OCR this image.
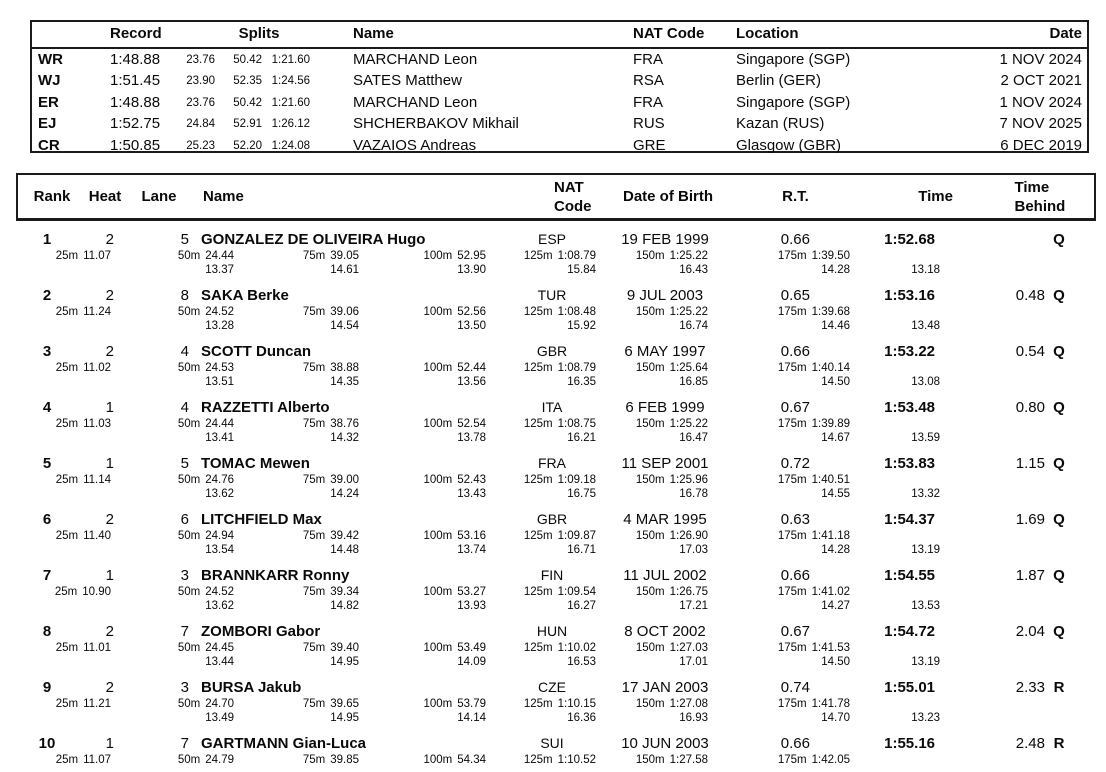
Record	Splits	Name	NAT Code Location	Date
WR	1:48.88	23.76	50.42 1:21.60	MARCHAND Leon	FRA	Singapore (SGP)	1 NOV 2024
WJ	1:51.45	23.90	52.35 1:24.56	SATES Matthew	RSA	Berlin (GER)	2 OCT 2021
ER	1:48.88	23.76	50.42 1:21.60	MARCHAND Leon	FRA	Singapore (SGP)	1 NOV 2024
EJ	1:52.75	24.84	52.91 1:26.12	SHCHERBAKOV Mikhail	RUS	Kazan (RUS)	7 NOV 2025
CR	1:50.85	25.23	52.20 1:24.08	VAZAIOS Andreas	GRE	Glasgow (GBR)	6 DEC 2019
Rank	Heat	Lane	Name
NAT

Code
Date of Birth	R.T.	Time
Time

Behind
1	2	5 GONZALEZ DE OLIVEIRA Hugo	ESP	19 FEB 1999	0.66	1:52.68	Q
25m 11.07	50m 24.44	75m 39.05	100m 52.95	125m 1:08.79	150m 1:25.22	175m 1:39.50
13.37	14.61	13.90	15.84	16.43	14.28	13.18
2	2	8 SAKA Berke	TUR	9 JUL 2003	0.65	1:53.16	0.48 Q
25m 11.24	50m 24.52	75m 39.06	100m 52.56	125m 1:08.48	150m 1:25.22	175m 1:39.68
13.28	14.54	13.50	15.92	16.74	14.46	13.48
3	2	4 SCOTT Duncan	GBR	6 MAY 1997	0.66	1:53.22	0.54 Q
25m 11.02	50m 24.53	75m 38.88	100m 52.44	125m 1:08.79	150m 1:25.64	175m 1:40.14
13.51	14.35	13.56	16.35	16.85	14.50	13.08
4	1	4 RAZZETTI Alberto	ITA	6 FEB 1999	0.67	1:53.48	0.80 Q
25m 11.03	50m 24.44	75m 38.76	100m 52.54	125m 1:08.75	150m 1:25.22	175m 1:39.89
13.41	14.32	13.78	16.21	16.47	14.67	13.59
5	1	5 TOMAC Mewen	FRA	11 SEP 2001	0.72	1:53.83	1.15 Q
25m 11.14	50m 24.76	75m 39.00	100m 52.43	125m 1:09.18	150m 1:25.96	175m 1:40.51
13.62	14.24	13.43	16.75	16.78	14.55	13.32
6	2	6 LITCHFIELD Max	GBR	4 MAR 1995	0.63	1:54.37	1.69 Q
25m 11.40	50m 24.94	75m 39.42	100m 53.16	125m 1:09.87	150m 1:26.90	175m 1:41.18
13.54	14.48	13.74	16.71	17.03	14.28	13.19
7	1	3 BRANNKARR Ronny	FIN	11 JUL 2002	0.66	1:54.55	1.87 Q
25m 10.90	50m 24.52	75m 39.34	100m 53.27	125m 1:09.54	150m 1:26.75	175m 1:41.02
13.62	14.82	13.93	16.27	17.21	14.27	13.53
8	2	7 ZOMBORI Gabor	HUN	8 OCT 2002	0.67	1:54.72	2.04 Q
25m 11.01	50m 24.45	75m 39.40	100m 53.49	125m 1:10.02	150m 1:27.03	175m 1:41.53
13.44	14.95	14.09	16.53	17.01	14.50	13.19
9	2	3 BURSA Jakub	CZE	17 JAN 2003	0.74	1:55.01	2.33 R
25m 11.21	50m 24.70	75m 39.65	100m 53.79	125m 1:10.15	150m 1:27.08	175m 1:41.78
13.49	14.95	14.14	16.36	16.93	14.70	13.23
10	1	7 GARTMANN Gian-Luca	SUI	10 JUN 2003	0.66	1:55.16	2.48 R
25m 11.07	50m 24.79	75m 39.85	100m 54.34	125m 1:10.52	150m 1:27.58	175m 1:42.05
